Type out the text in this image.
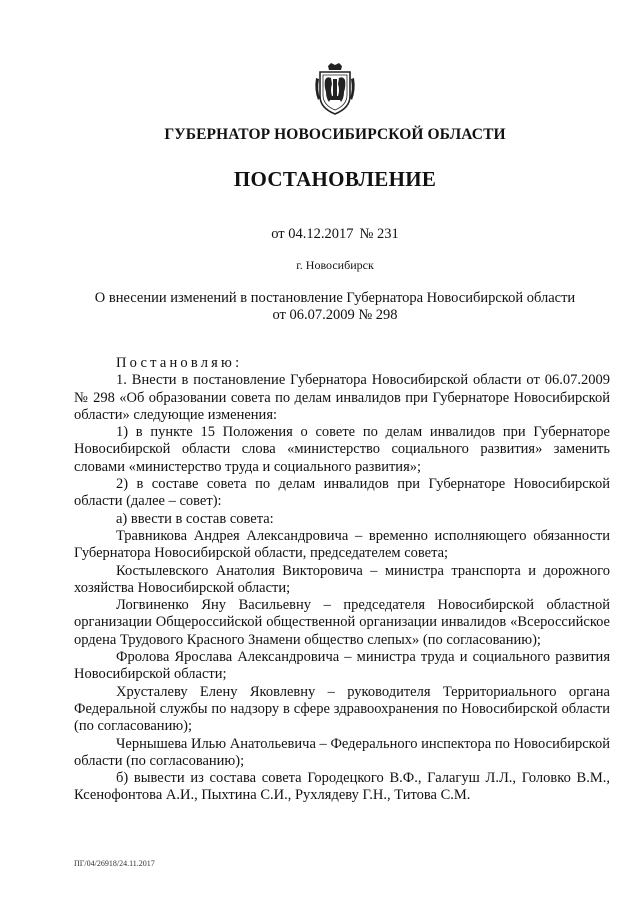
ГУБЕРНАТОР НОВОСИБИРСКОЙ ОБЛАСТИ
ПОСТАНОВЛЕНИЕ
от 04.12.2017 № 231
г. Новосибирск
О внесении изменений в постановление Губернатора Новосибирской области
от 06.07.2009 № 298

Постановляю:

1. Внести в постановление Губернатора Новосибирской области от 06.07.2009 № 298 «Об образовании совета по делам инвалидов при Губернаторе Новосибирской области» следующие изменения:

1) в пункте 15 Положения о совете по делам инвалидов при Губернаторе Новосибирской области слова «министерство социального развития» заменить словами «министерство труда и социального развития»;

2) в составе совета по делам инвалидов при Губернаторе Новосибирской области (далее – совет):

а) ввести в состав совета:

Травникова Андрея Александровича – временно исполняющего обязанности Губернатора Новосибирской области, председателем совета;

Костылевского Анатолия Викторовича – министра транспорта и дорожного хозяйства Новосибирской области;

Логвиненко Яну Васильевну – председателя Новосибирской областной организации Общероссийской общественной организации инвалидов «Всероссийское ордена Трудового Красного Знамени общество слепых» (по согласованию);

Фролова Ярослава Александровича – министра труда и социального развития Новосибирской области;

Хрусталеву Елену Яковлевну – руководителя Территориального органа Федеральной службы по надзору в сфере здравоохранения по Новосибирской области (по согласованию);

Чернышева Илью Анатольевича – Федерального инспектора по Новосибирской области (по согласованию);

б) вывести из состава совета Городецкого В.Ф., Галагуш Л.Л., Головко В.М., Ксенофонтова А.И., Пыхтина С.И., Рухлядеву Г.Н., Титова С.М.

ПГ/04/26918/24.11.2017
